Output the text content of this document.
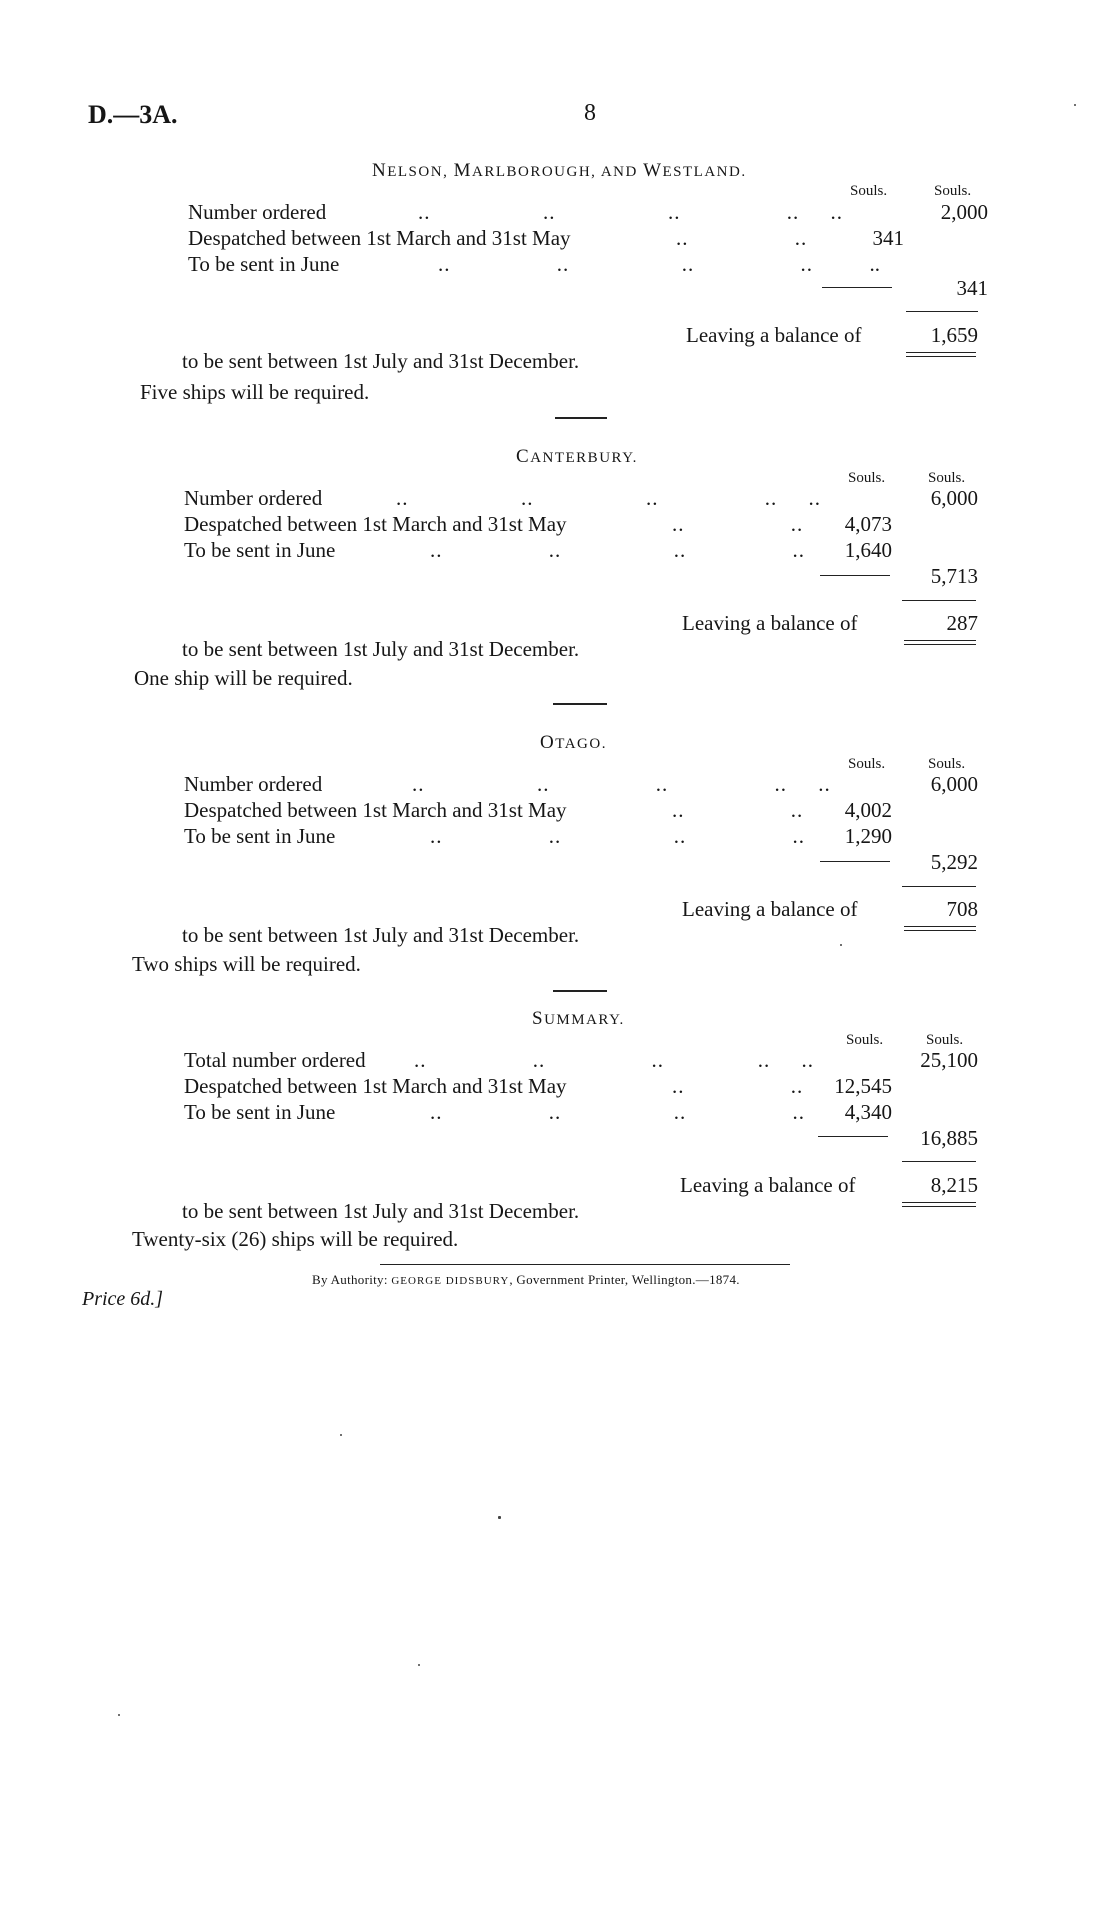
D.—3A.	8
NELSON, MARLBOROUGH, AND WESTLAND.
Souls.	Souls.
Number ordered	..                  ..                  ..                 ..     ..	2,000
Despatched between 1st March and 31st May	..                 ..	341
To be sent in June	..                 ..                  ..                 ..	..
341
Leaving a balance of	1,659
to be sent between 1st July and 31st December.
Five ships will be required.
CANTERBURY.
Souls.	Souls.
Number ordered	..                  ..                  ..                 ..     ..	6,000
Despatched between 1st March and 31st May	..                 ..	4,073
To be sent in June	..                 ..                  ..                 ..	1,640
5,713
Leaving a balance of	287
to be sent between 1st July and 31st December.
One ship will be required.
OTAGO.
Souls.	Souls.
Number ordered	..                  ..                 ..                 ..     ..	6,000
Despatched between 1st March and 31st May	..                 ..	4,002
To be sent in June	..                 ..                  ..                 ..	1,290
5,292
Leaving a balance of	708
to be sent between 1st July and 31st December.
Two ships will be required.
SUMMARY.
Souls.	Souls.
Total number ordered ..                 ..                 ..               ..     ..	25,100
Despatched between 1st March and 31st May	..                 ..	12,545
To be sent in June	..                 ..                  ..                 ..	4,340
16,885
Leaving a balance of	8,215
to be sent between 1st July and 31st December.
Twenty-six (26) ships will be required.
By Authority: GEORGE DIDSBURY, Government Printer, Wellington.—1874.
Price 6d.]
